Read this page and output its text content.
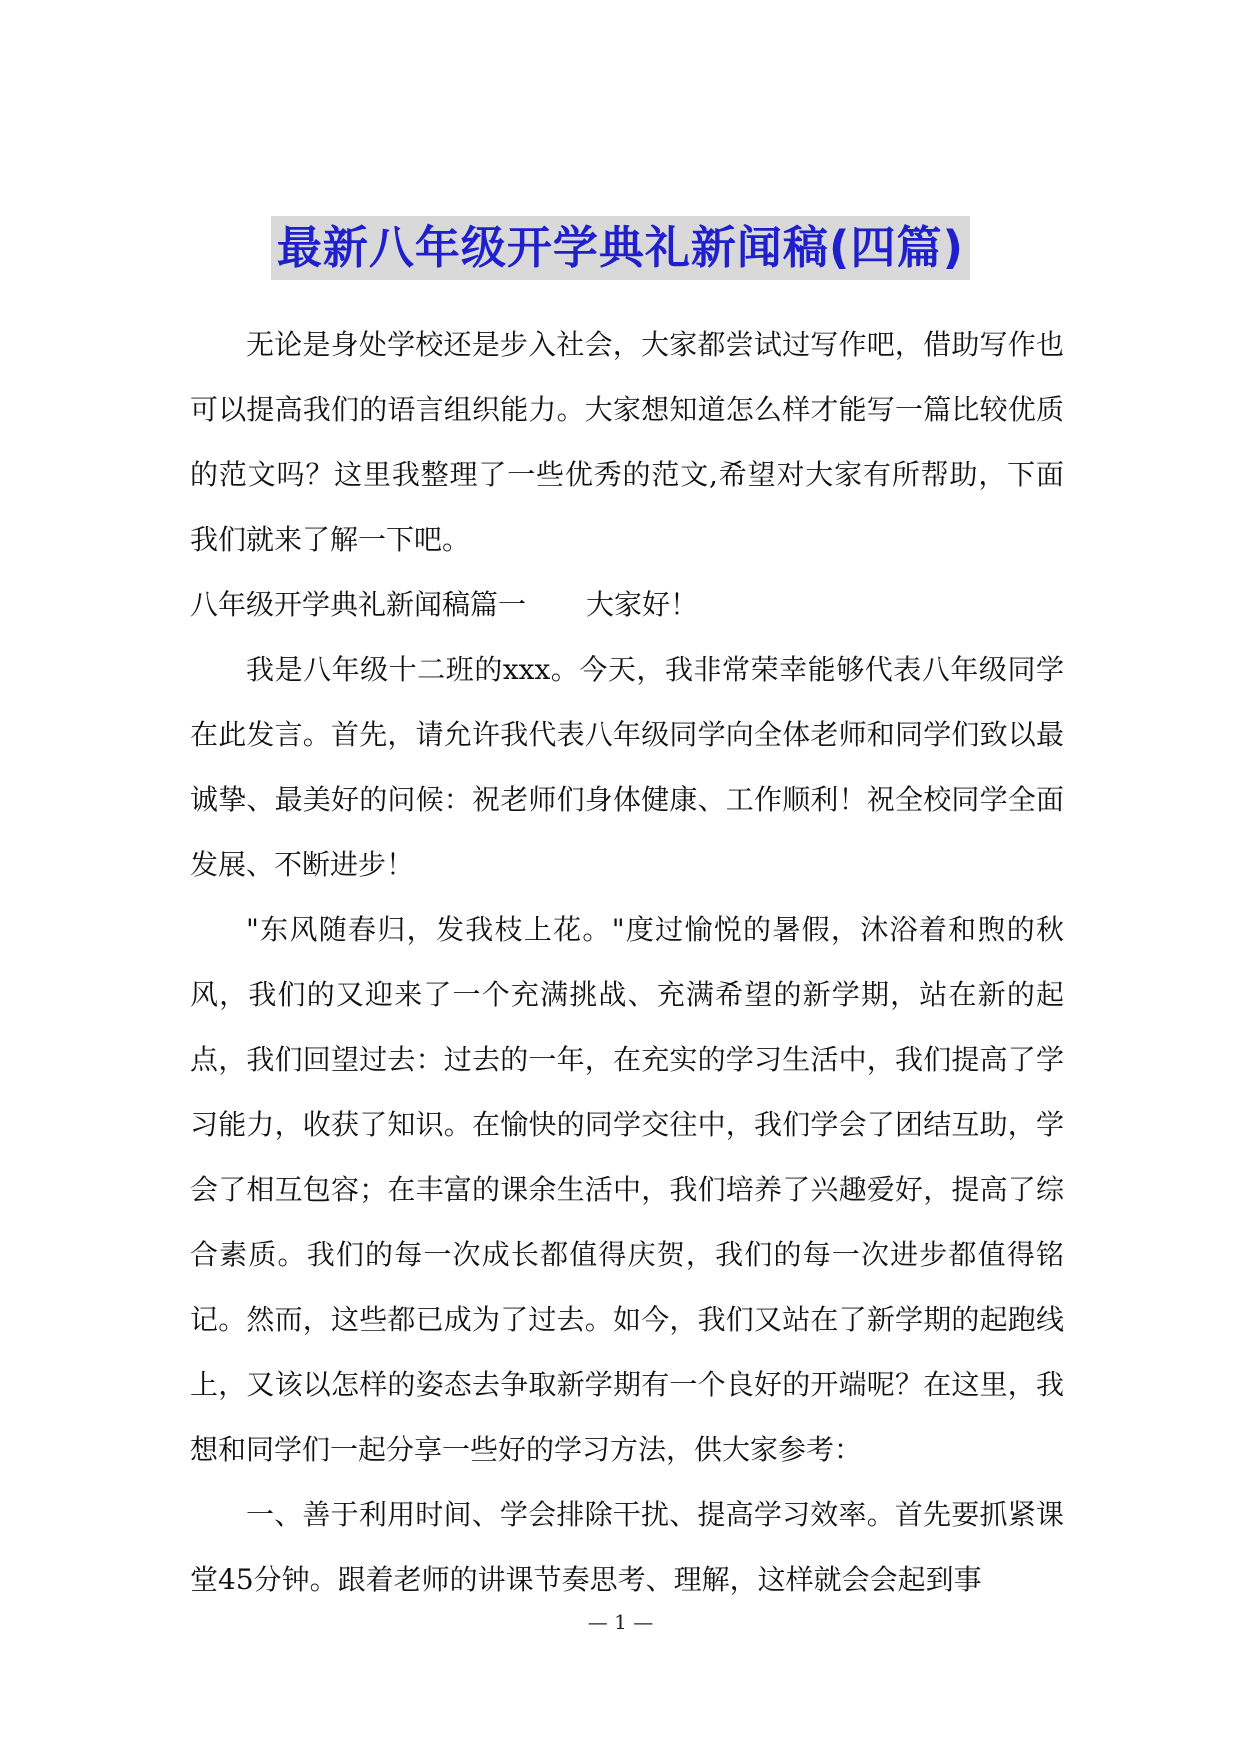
最新八年级开学典礼新闻稿(四篇)

无论是身处学校还是步入社会，大家都尝试过写作吧，借助写作也可以提高我们的语言组织能力。大家想知道怎么样才能写一篇比较优质的范文吗？这里我整理了一些优秀的范文,希望对大家有所帮助，下面我们就来了解一下吧。

八年级开学典礼新闻稿篇一 大家好！

我是八年级十二班的xxx。今天，我非常荣幸能够代表八年级同学在此发言。首先，请允许我代表八年级同学向全体老师和同学们致以最诚挚、最美好的问候：祝老师们身体健康、工作顺利！祝全校同学全面发展、不断进步！

"东风随春归，发我枝上花。"度过愉悦的暑假，沐浴着和煦的秋风，我们的又迎来了一个充满挑战、充满希望的新学期，站在新的起点，我们回望过去：过去的一年，在充实的学习生活中，我们提高了学习能力，收获了知识。在愉快的同学交往中，我们学会了团结互助，学会了相互包容；在丰富的课余生活中，我们培养了兴趣爱好，提高了综合素质。我们的每一次成长都值得庆贺，我们的每一次进步都值得铭记。然而，这些都已成为了过去。如今，我们又站在了新学期的起跑线上，又该以怎样的姿态去争取新学期有一个良好的开端呢？在这里，我想和同学们一起分享一些好的学习方法，供大家参考：

一、善于利用时间、学会排除干扰、提高学习效率。首先要抓紧课堂45分钟。跟着老师的讲课节奏思考、理解，这样就会会起到事

— 1 —
